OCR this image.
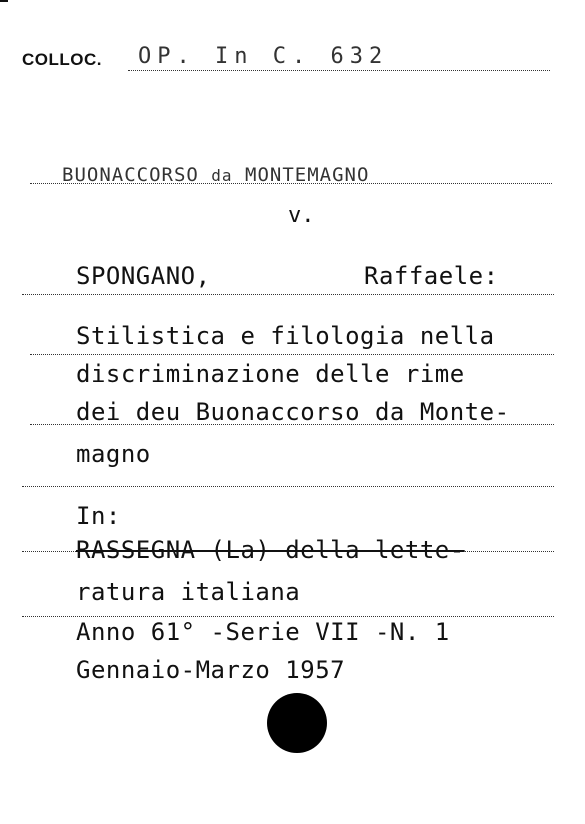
COLLOC. OP. In C. 632
BUONACCORSO da MONTEMAGNO
v.
SPONGANO,	Raffaele:
Stilistica e filologia nella
discriminazione delle rime
dei deu Buonaccorso da Monte-
magno
In:
RASSEGNA (La) della lette-
ratura italiana
Anno 61° -Serie VII -N. 1
Gennaio-Marzo 1957
